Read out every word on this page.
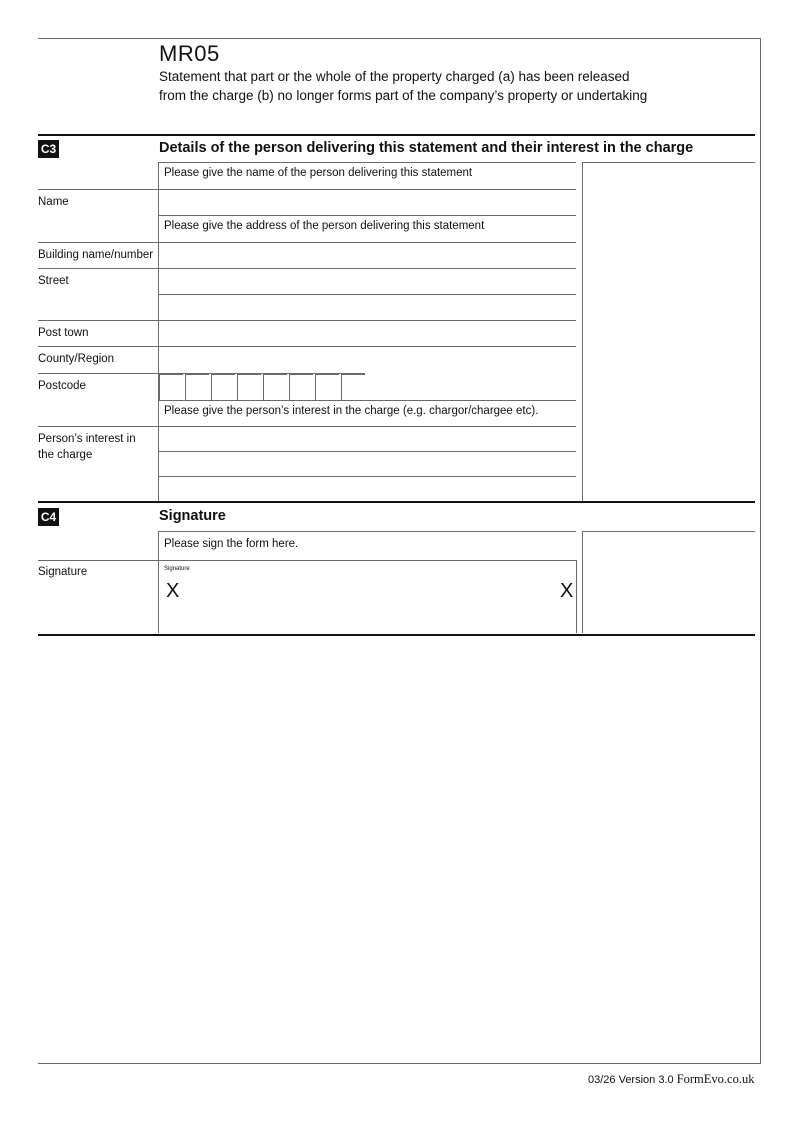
MR05
Statement that part or the whole of the property charged (a) has been released
from the charge (b) no longer forms part of the company’s property or undertaking
C3	Details of the person delivering this statement and their interest in the charge
Please give the name of the person delivering this statement
Name
Please give the address of the person delivering this statement
Building name/number
Street
Post town
County/Region
Postcode
Please give the person’s interest in the charge (e.g. chargor/chargee etc).
Person’s interest in the charge
C4	Signature
Please sign the form here.
Signature	Signature
X	X
03/26 Version 3.0 FormEvo.co.uk
